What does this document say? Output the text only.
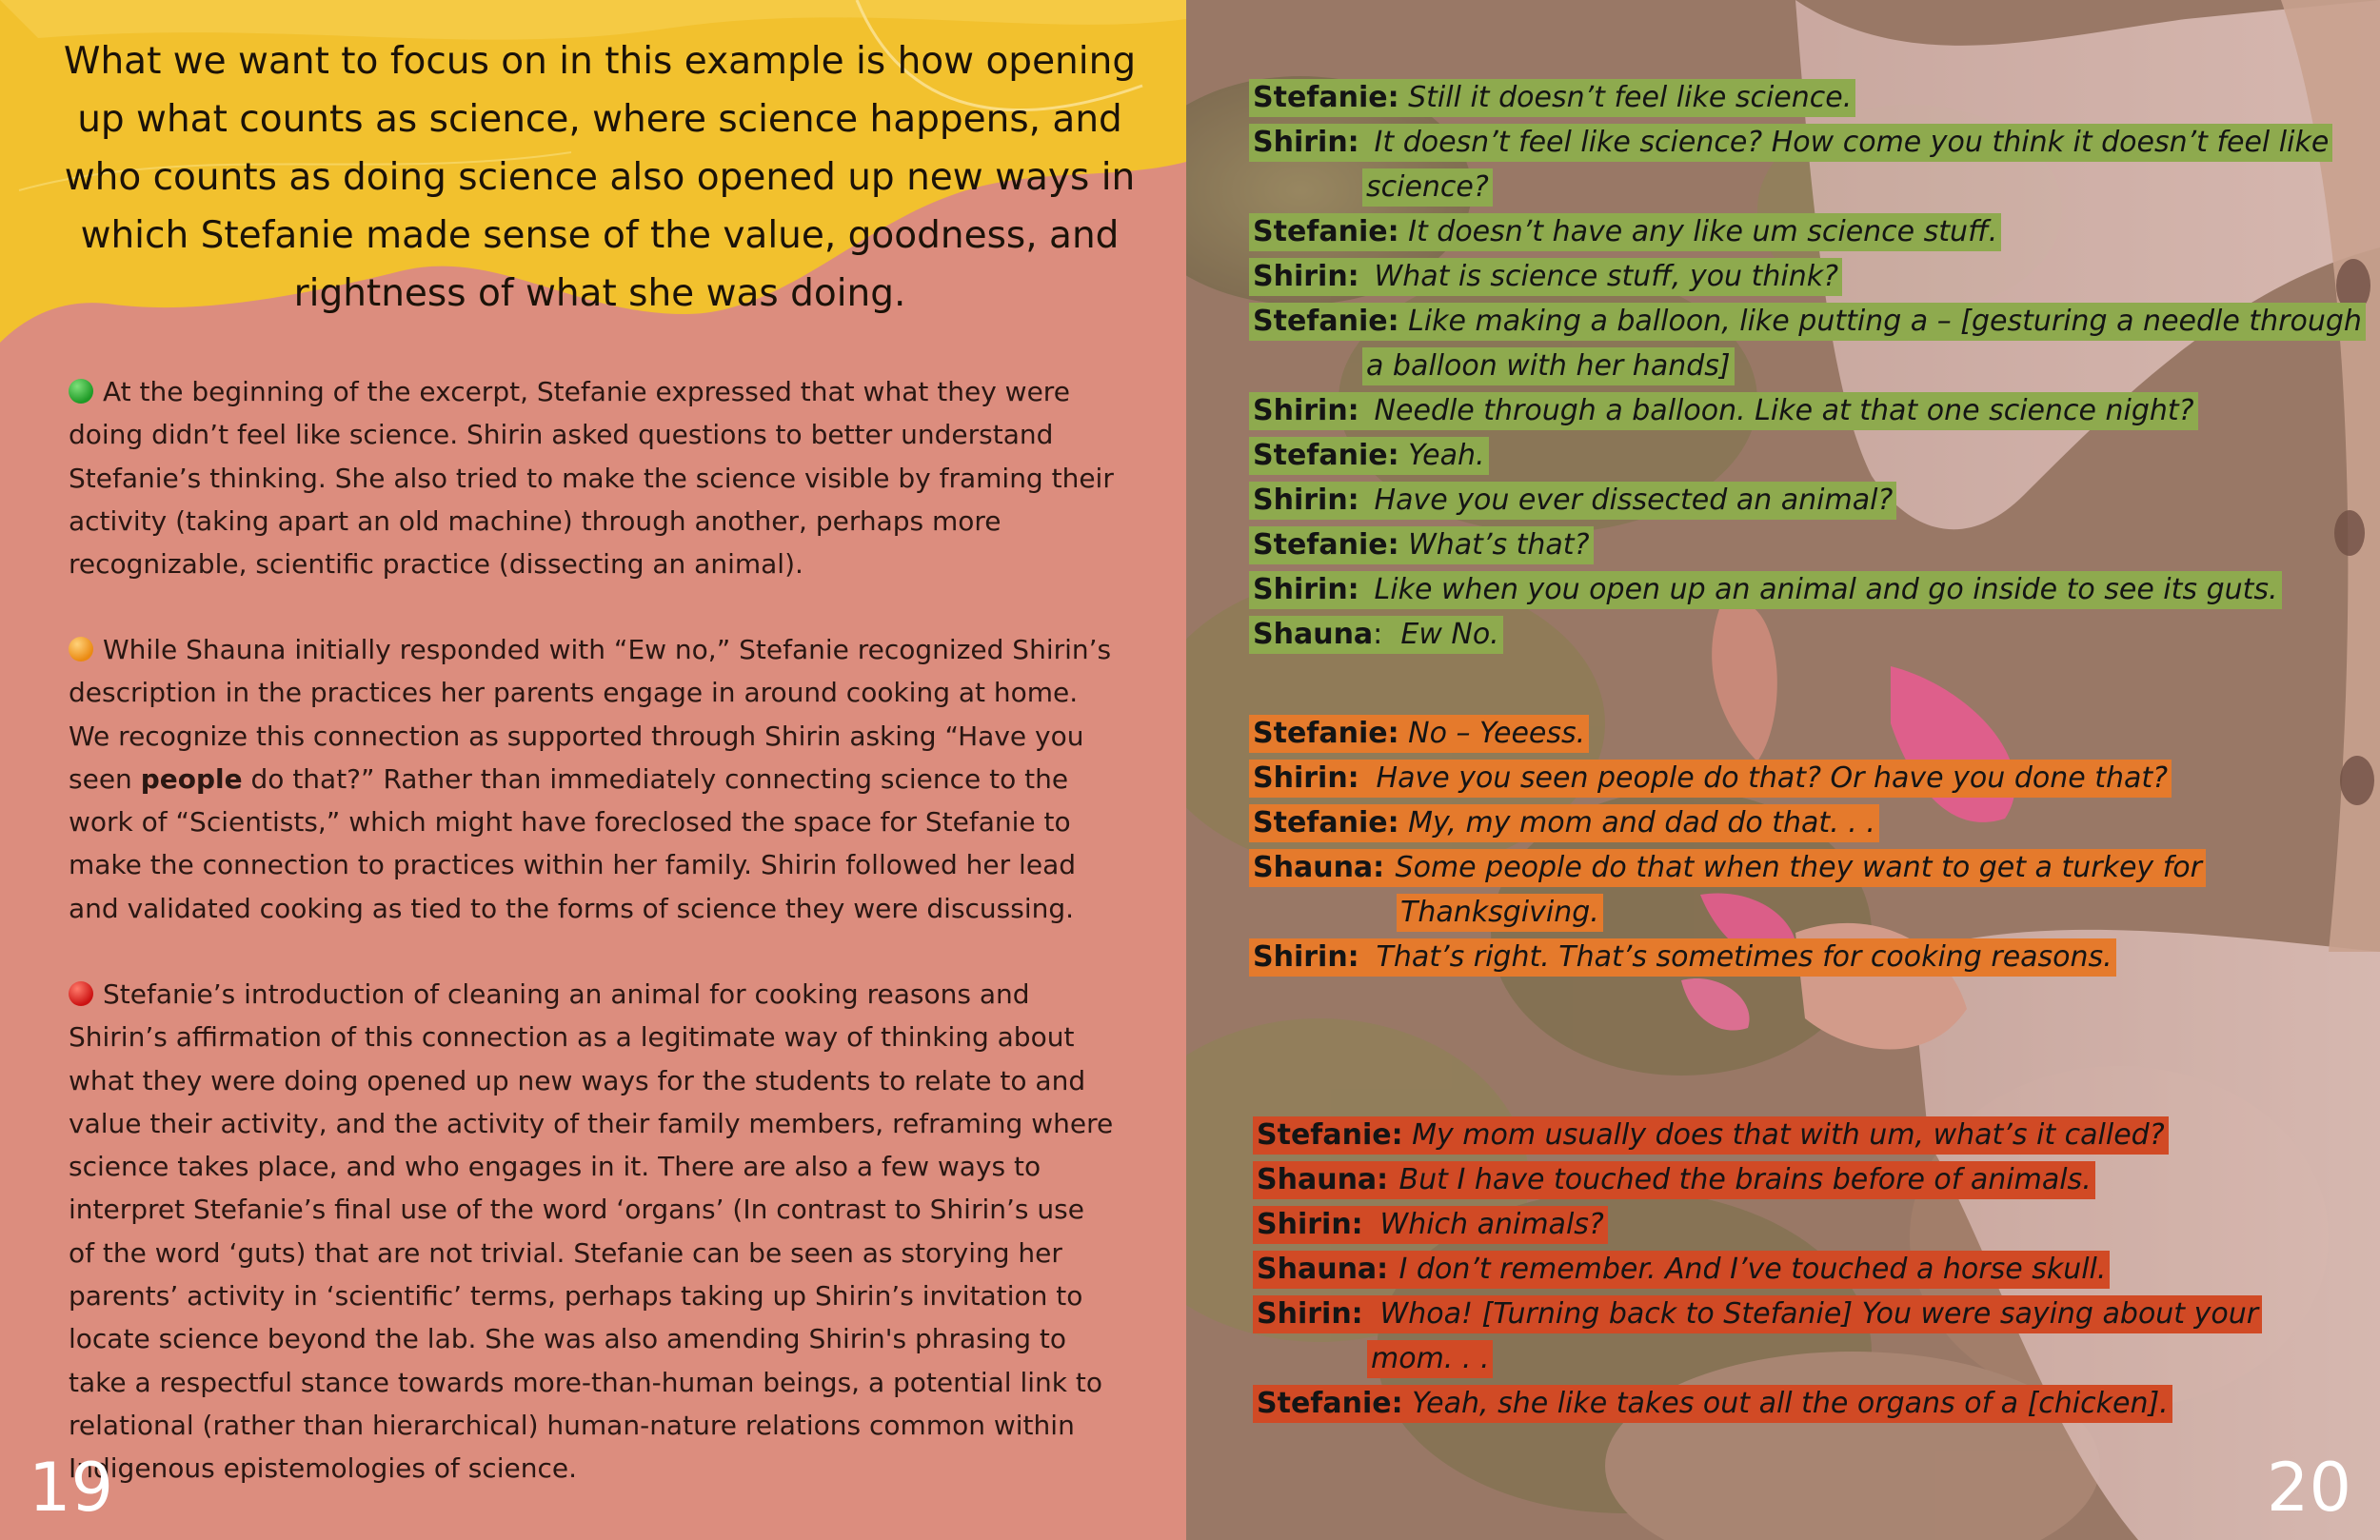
What we want to focus on in this example is how opening up what counts as science, where science happens, and who counts as doing science also opened up new ways in which Stefanie made sense of the value, goodness, and rightness of what she was doing.
At the beginning of the excerpt, Stefanie expressed that what they were doing didn’t feel like science. Shirin asked questions to better understand Stefanie’s thinking. She also tried to make the science visible by framing their activity (taking apart an old machine) through another, perhaps more recognizable, scientific practice (dissecting an animal).
While Shauna initially responded with “Ew no,” Stefanie recognized Shirin’s description in the practices her parents engage in around cooking at home. We recognize this connection as supported through Shirin asking “Have you seen people do that?” Rather than immediately connecting science to the work of “Scientists,” which might have foreclosed the space for Stefanie to make the connection to practices within her family. Shirin followed her lead and validated cooking as tied to the forms of science they were discussing.
Stefanie’s introduction of cleaning an animal for cooking reasons and Shirin’s affirmation of this connection as a legitimate way of thinking about what they were doing opened up new ways for the students to relate to and value their activity, and the activity of their family members, reframing where science takes place, and who engages in it. There are also a few ways to interpret Stefanie’s final use of the word ‘organs’ (In contrast to Shirin’s use of the word ‘guts) that are not trivial. Stefanie can be seen as storying her parents’ activity in ‘scientific’ terms, perhaps taking up Shirin’s invitation to locate science beyond the lab. She was also amending Shirin's phrasing to take a respectful stance towards more-than-human beings, a potential link to relational (rather than hierarchical) human-nature relations common within Indigenous epistemologies of science.
19
Stefanie: Still it doesn’t feel like science.
Shirin: It doesn’t feel like science? How come you think it doesn’t feel like
science?
Stefanie: It doesn’t have any like um science stuff.
Shirin: What is science stuff, you think?
Stefanie: Like making a balloon, like putting a – [gesturing a needle through
a balloon with her hands]
Shirin: Needle through a balloon. Like at that one science night?
Stefanie: Yeah.
Shirin: Have you ever dissected an animal?
Stefanie: What’s that?
Shirin: Like when you open up an animal and go inside to see its guts.
Shauna: Ew No.
Stefanie: No – Yeeess.
Shirin: Have you seen people do that? Or have you done that?
Stefanie: My, my mom and dad do that. . .
Shauna: Some people do that when they want to get a turkey for
Thanksgiving.
Shirin: That’s right. That’s sometimes for cooking reasons.
Stefanie: My mom usually does that with um, what’s it called?
Shauna: But I have touched the brains before of animals.
Shirin: Which animals?
Shauna: I don’t remember. And I’ve touched a horse skull.
Shirin: Whoa! [Turning back to Stefanie] You were saying about your
mom. . .
Stefanie: Yeah, she like takes out all the organs of a [chicken].
20
